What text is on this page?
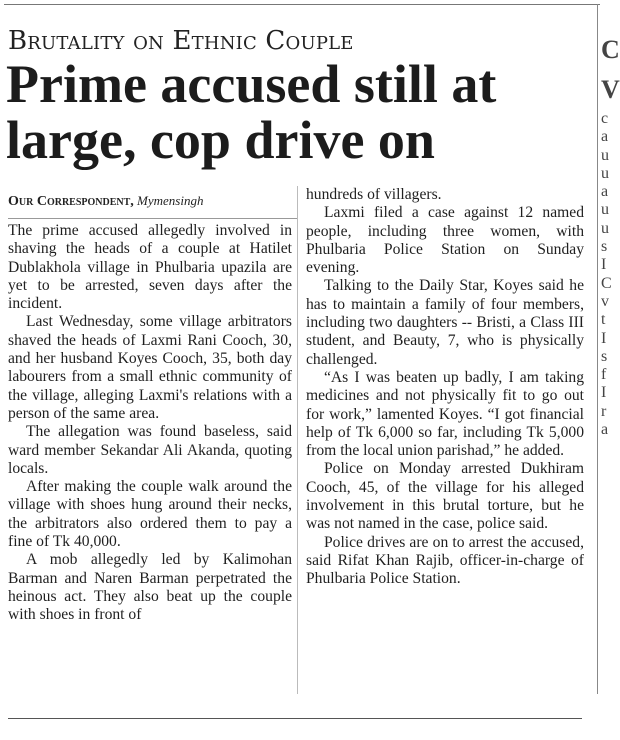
Brutality on Ethnic Couple
Prime accused still at large, cop drive on
Our Correspondent, Mymensingh

The prime accused allegedly involved in shaving the heads of a couple at Hatilet Dublakhola village in Phulbaria upazila are yet to be arrested, seven days after the incident.

Last Wednesday, some village arbitrators shaved the heads of Laxmi Rani Cooch, 30, and her husband Koyes Cooch, 35, both day labourers from a small ethnic community of the village, alleging Laxmi's relations with a person of the same area.

The allegation was found baseless, said ward member Sekandar Ali Akanda, quoting locals.

After making the couple walk around the village with shoes hung around their necks, the arbitrators also ordered them to pay a fine of Tk 40,000.

A mob allegedly led by Kalimohan Barman and Naren Barman perpetrated the heinous act. They also beat up the couple with shoes in front of

hundreds of villagers.

Laxmi filed a case against 12 named people, including three women, with Phulbaria Police Station on Sunday evening.

Talking to the Daily Star, Koyes said he has to maintain a family of four members, including two daughters -- Bristi, a Class III student, and Beauty, 7, who is physically challenged.

“As I was beaten up badly, I am taking medicines and not physically fit to go out for work,” lamented Koyes. “I got financial help of Tk 6,000 so far, including Tk 5,000 from the local union parishad,” he added.

Police on Monday arrested Dukhiram Cooch, 45, of the village for his alleged involvement in this brutal torture, but he was not named in the case, police said.

Police drives are on to arrest the accused, said Rifat Khan Rajib, officer-in-charge of Phulbaria Police Station.

C
V
c
a
u
u
a
u
u
s
I
C
v
t
I
s
f
I
r
a
